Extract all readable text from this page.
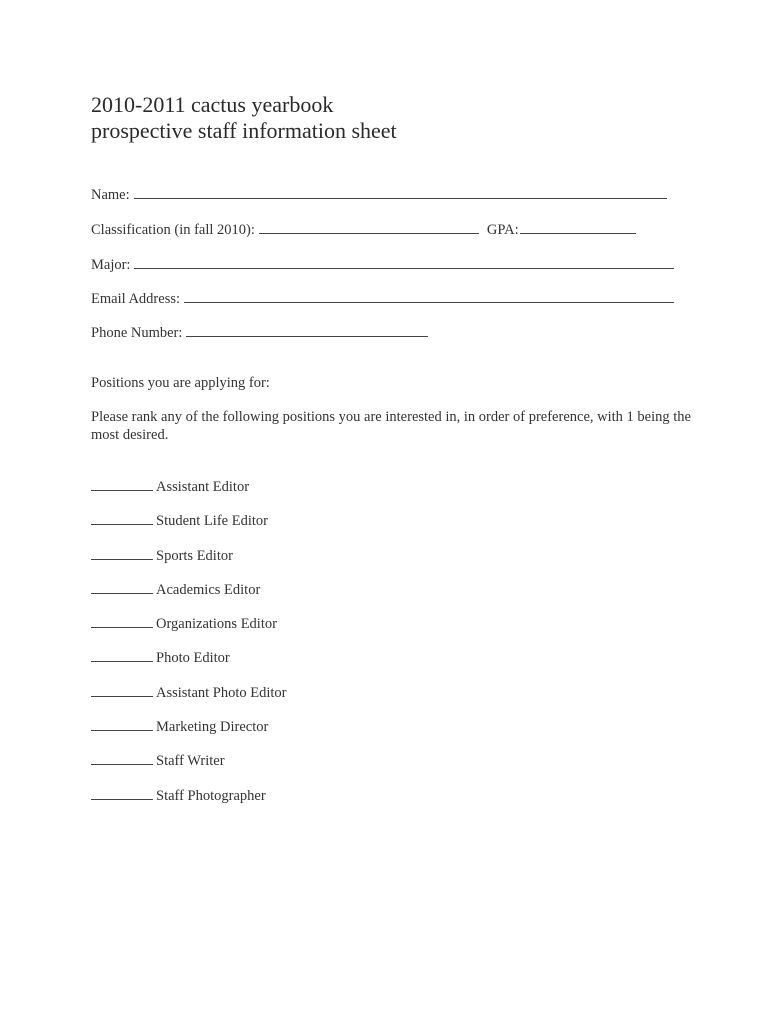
2010-2011 cactus yearbook
prospective staff information sheet
Name:
Classification (in fall 2010):	GPA:
Major:
Email Address:
Phone Number:
Positions you are applying for:
Please rank any of the following positions you are interested in, in order of preference, with 1 being the most desired.
Assistant Editor
Student Life Editor
Sports Editor
Academics Editor
Organizations Editor
Photo Editor
Assistant Photo Editor
Marketing Director
Staff Writer
Staff Photographer
